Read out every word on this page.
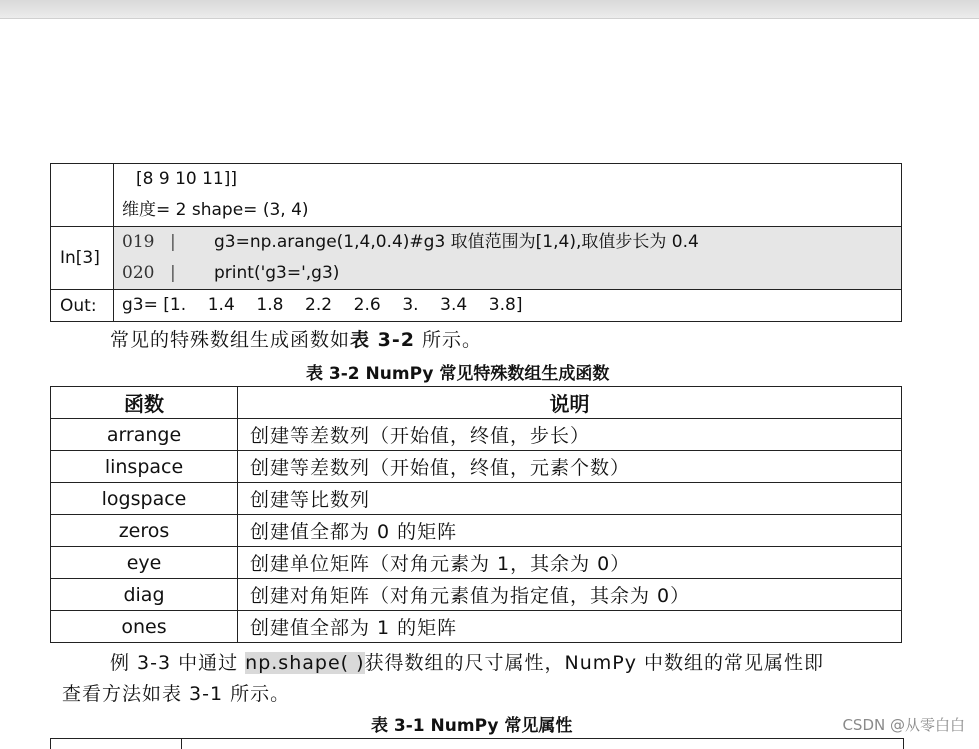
	[8 9 10 11]]
维度= 2 shape= (3, 4)

In[3]	019 | g3=np.arange(1,4,0.4)#g3 取值范围为[1,4),取值步长为 0.4
020 | print('g3=',g3)

Out:	g3= [1.    1.4    1.8    2.2    2.6    3.    3.4    3.8]
常见的特殊数组生成函数如表 3-2 所示。
表 3-2 NumPy 常见特殊数组生成函数
函数	说明
arrange	创建等差数列（开始值，终值，步长）
linspace	创建等差数列（开始值，终值，元素个数）
logspace	创建等比数列
zeros	创建值全都为 0 的矩阵
eye	创建单位矩阵（对角元素为 1，其余为 0）
diag	创建对角矩阵（对角元素值为指定值，其余为 0）
ones	创建值全部为 1 的矩阵
例 3-3 中通过 np.shape( )获得数组的尺寸属性，NumPy 中数组的常见属性即
查看方法如表 3-1 所示。
表 3-1 NumPy 常见属性	CSDN @从零白白
